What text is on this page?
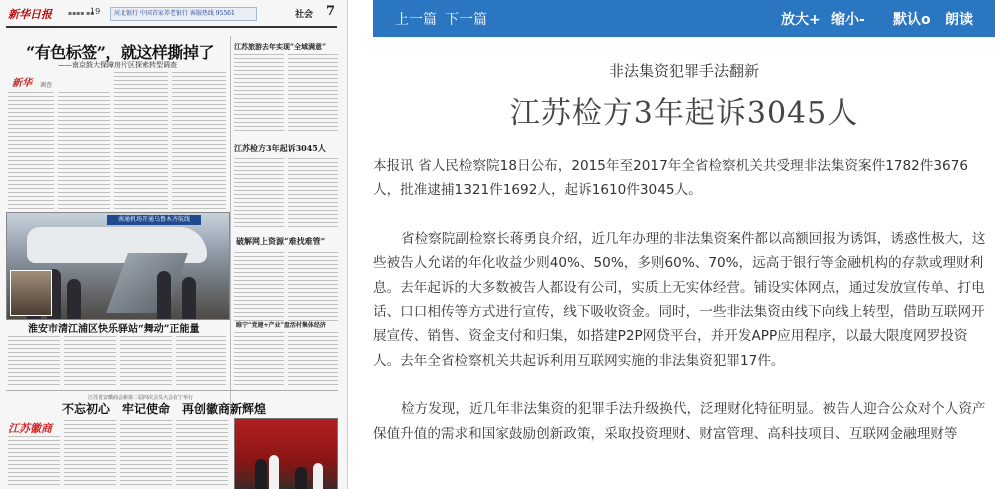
新华日报	▪▪▪▪ ▪▪
19	河北银行 中国首家养老银行 客服热线 95561	社会 7
“有色标签”，就这样撕掉了
——南京鼓大保障房片区探索转型调查
新华 调查
江苏旅游去年实现“全域满意”
江苏检方3年起诉3045人
破解网上资源“难找难管”
睢宁“党建+产业”盘活村集体经济
南通机场开通乌鲁木齐航线
淮安市清江浦区快乐驿站“舞动”正能量
江苏省安徽商会新第二届四次会员大会在宁举行
不忘初心　牢记使命　再创徽商新辉煌
江苏徽商
上一篇 下一篇	放大+ 缩小- 默认o 朗读
非法集资犯罪手法翻新
江苏检方3年起诉3045人

本报讯 省人民检察院18日公布，2015年至2017年全省检察机关共受理非法集资案件1782件3676人，批准逮捕1321件1692人，起诉1610件3045人。

省检察院副检察长蒋勇良介绍，近几年办理的非法集资案件都以高额回报为诱饵，诱惑性极大，这些被告人允诺的年化收益少则40%、50%，多则60%、70%，远高于银行等金融机构的存款或理财利息。去年起诉的大多数被告人都设有公司，实质上无实体经营。铺设实体网点，通过发放宣传单、打电话、口口相传等方式进行宣传，线下吸收资金。同时，一些非法集资由线下向线上转型，借助互联网开展宣传、销售、资金支付和归集，如搭建P2P网贷平台，并开发APP应用程序，以最大限度网罗投资人。去年全省检察机关共起诉利用互联网实施的非法集资犯罪17件。

检方发现，近几年非法集资的犯罪手法升级换代，泛理财化特征明显。被告人迎合公众对个人资产保值升值的需求和国家鼓励创新政策，采取投资理财、财富管理、高科技项目、互联网金融理财等
